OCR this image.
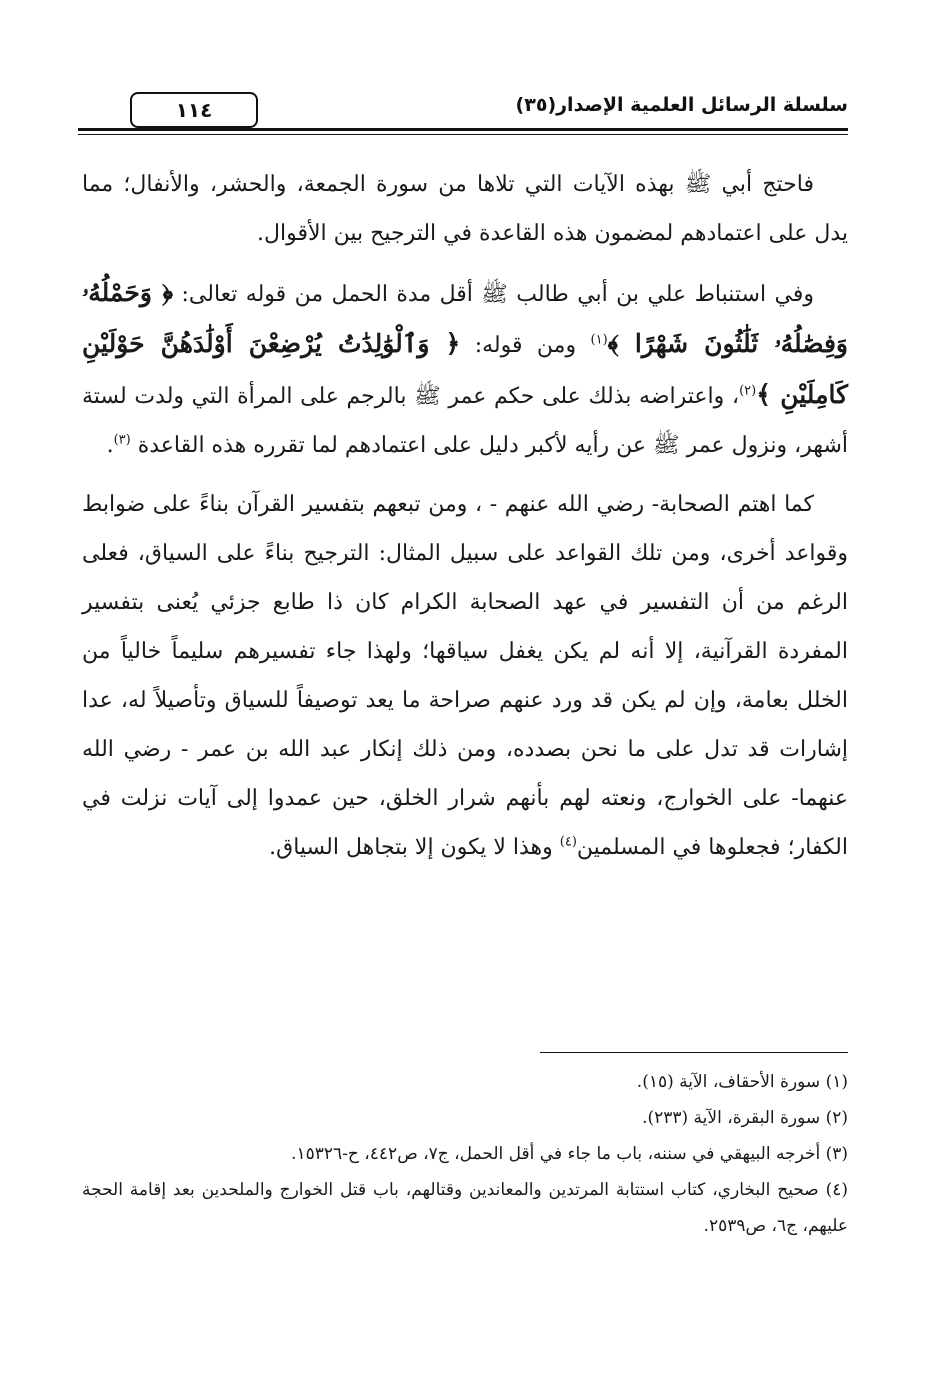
سلسلة الرسائل العلمية الإصدار(٣٥)
١١٤

فاحتج أبي ﷺ بهذه الآيات التي تلاها من سورة الجمعة، والحشر، والأنفال؛ مما يدل على اعتمادهم لمضمون هذه القاعدة في الترجيح بين الأقوال.

وفي استنباط علي بن أبي طالب ﷺ أقل مدة الحمل من قوله تعالى: ﴿ وَحَمْلُهُۥ وَفِصَٰلُهُۥ ثَلَٰثُونَ شَهْرًا ﴾$^{(١)}$ ومن قوله: ﴿ وَٱلْوَٰلِدَٰتُ يُرْضِعْنَ أَوْلَٰدَهُنَّ حَوْلَيْنِ كَامِلَيْنِ ﴾$^{(٢)}$، واعتراضه بذلك على حكم عمر ﷺ بالرجم على المرأة التي ولدت لستة أشهر، ونزول عمر ﷺ عن رأيه لأكبر دليل على اعتمادهم لما تقرره هذه القاعدة $^{(٣)}$.

كما اهتم الصحابة- رضي الله عنهم - ، ومن تبعهم بتفسير القرآن بناءً على ضوابط وقواعد أخرى، ومن تلك القواعد على سبيل المثال: الترجيح بناءً على السياق، فعلى الرغم من أن التفسير في عهد الصحابة الكرام كان ذا طابع جزئي يُعنى بتفسير المفردة القرآنية، إلا أنه لم يكن يغفل سياقها؛ ولهذا جاء تفسيرهم سليماً خالياً من الخلل بعامة، وإن لم يكن قد ورد عنهم صراحة ما يعد توصيفاً للسياق وتأصيلاً له، عدا إشارات قد تدل على ما نحن بصدده، ومن ذلك إنكار عبد الله بن عمر - رضي الله عنهما- على الخوارج، ونعته لهم بأنهم شرار الخلق، حين عمدوا إلى آيات نزلت في الكفار؛ فجعلوها في المسلمين$^{(٤)}$ وهذا لا يكون إلا بتجاهل السياق.

(١) سورة الأحقاف، الآية (١٥).

(٢) سورة البقرة، الآية (٢٣٣).

(٣) أخرجه البيهقي في سننه، باب ما جاء في أقل الحمل، ج٧، ص٤٤٢، ح-١٥٣٢٦.

(٤) صحيح البخاري، كتاب استتابة المرتدين والمعاندين وقتالهم، باب قتل الخوارج والملحدين بعد إقامة الحجة عليهم، ج٦، ص٢٥٣٩.
